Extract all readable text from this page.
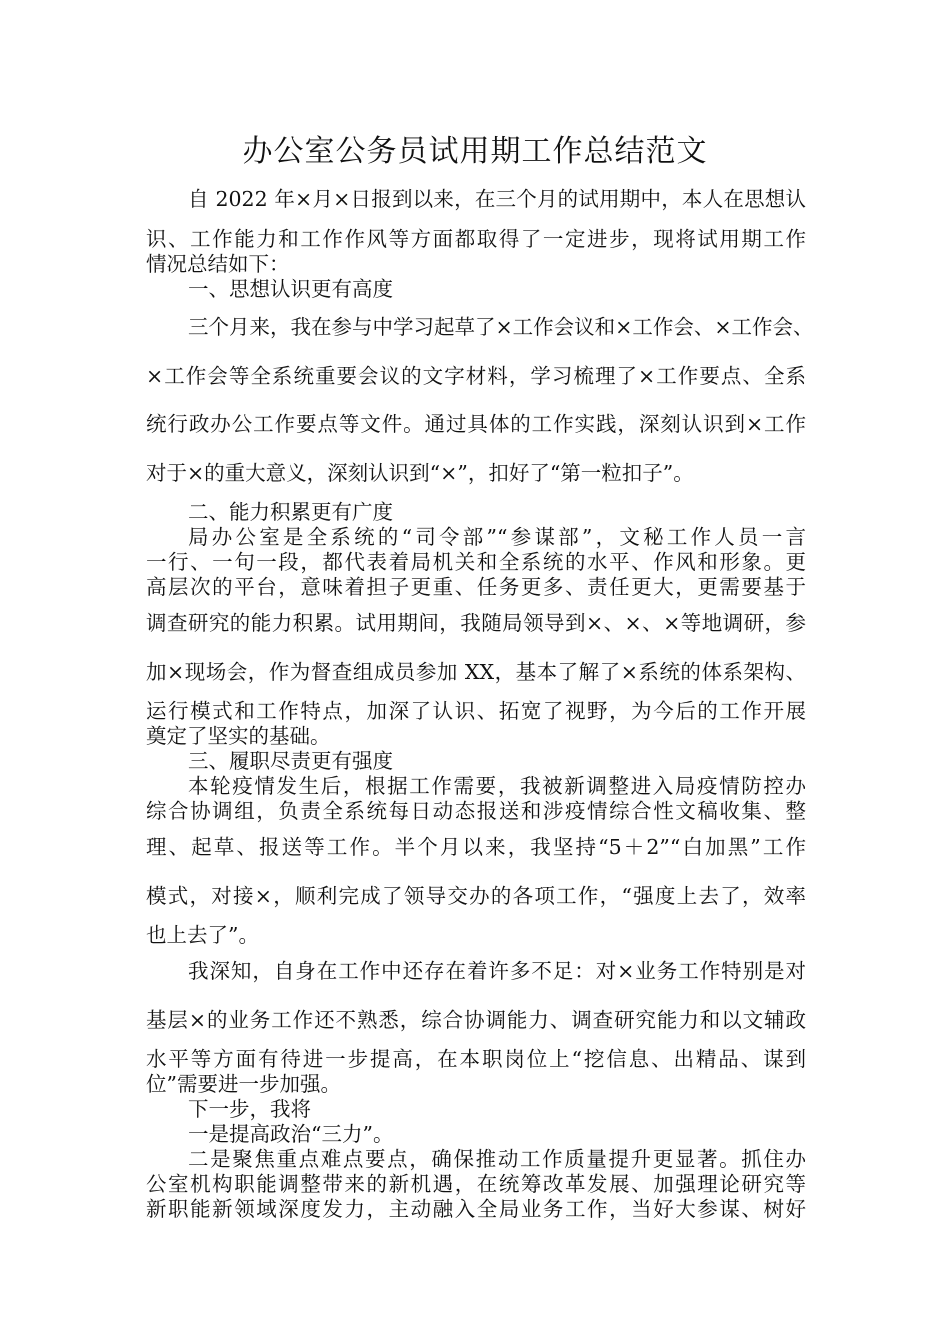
办公室公务员试用期工作总结范文

自 2022 年×月×日报到以来，在三个月的试用期中，本人在思想认

识、工作能力和工作作风等方面都取得了一定进步，现将试用期工作

情况总结如下：

一、思想认识更有高度

三个月来，我在参与中学习起草了×工作会议和×工作会、×工作会、

×工作会等全系统重要会议的文字材料，学习梳理了×工作要点、全系

统行政办公工作要点等文件。通过具体的工作实践，深刻认识到×工作

对于×的重大意义，深刻认识到“×”，扣好了“第一粒扣子”。

二、能力积累更有广度

局办公室是全系统的“司令部”“参谋部”，文秘工作人员一言

一行、一句一段，都代表着局机关和全系统的水平、作风和形象。更

高层次的平台，意味着担子更重、任务更多、责任更大，更需要基于

调查研究的能力积累。试用期间，我随局领导到×、×、×等地调研，参

加×现场会，作为督查组成员参加 XX，基本了解了×系统的体系架构、

运行模式和工作特点，加深了认识、拓宽了视野，为今后的工作开展

奠定了坚实的基础。

三、履职尽责更有强度

本轮疫情发生后，根据工作需要，我被新调整进入局疫情防控办

综合协调组，负责全系统每日动态报送和涉疫情综合性文稿收集、整

理、起草、报送等工作。半个月以来，我坚持“5＋2”“白加黑”工作

模式，对接×，顺利完成了领导交办的各项工作，“强度上去了，效率

也上去了”。

我深知，自身在工作中还存在着许多不足：对×业务工作特别是对

基层×的业务工作还不熟悉，综合协调能力、调查研究能力和以文辅政

水平等方面有待进一步提高，在本职岗位上“挖信息、出精品、谋到

位”需要进一步加强。

下一步，我将

一是提高政治“三力”。

二是聚焦重点难点要点，确保推动工作质量提升更显著。抓住办

公室机构职能调整带来的新机遇，在统筹改革发展、加强理论研究等

新职能新领域深度发力，主动融入全局业务工作，当好大参谋、树好
